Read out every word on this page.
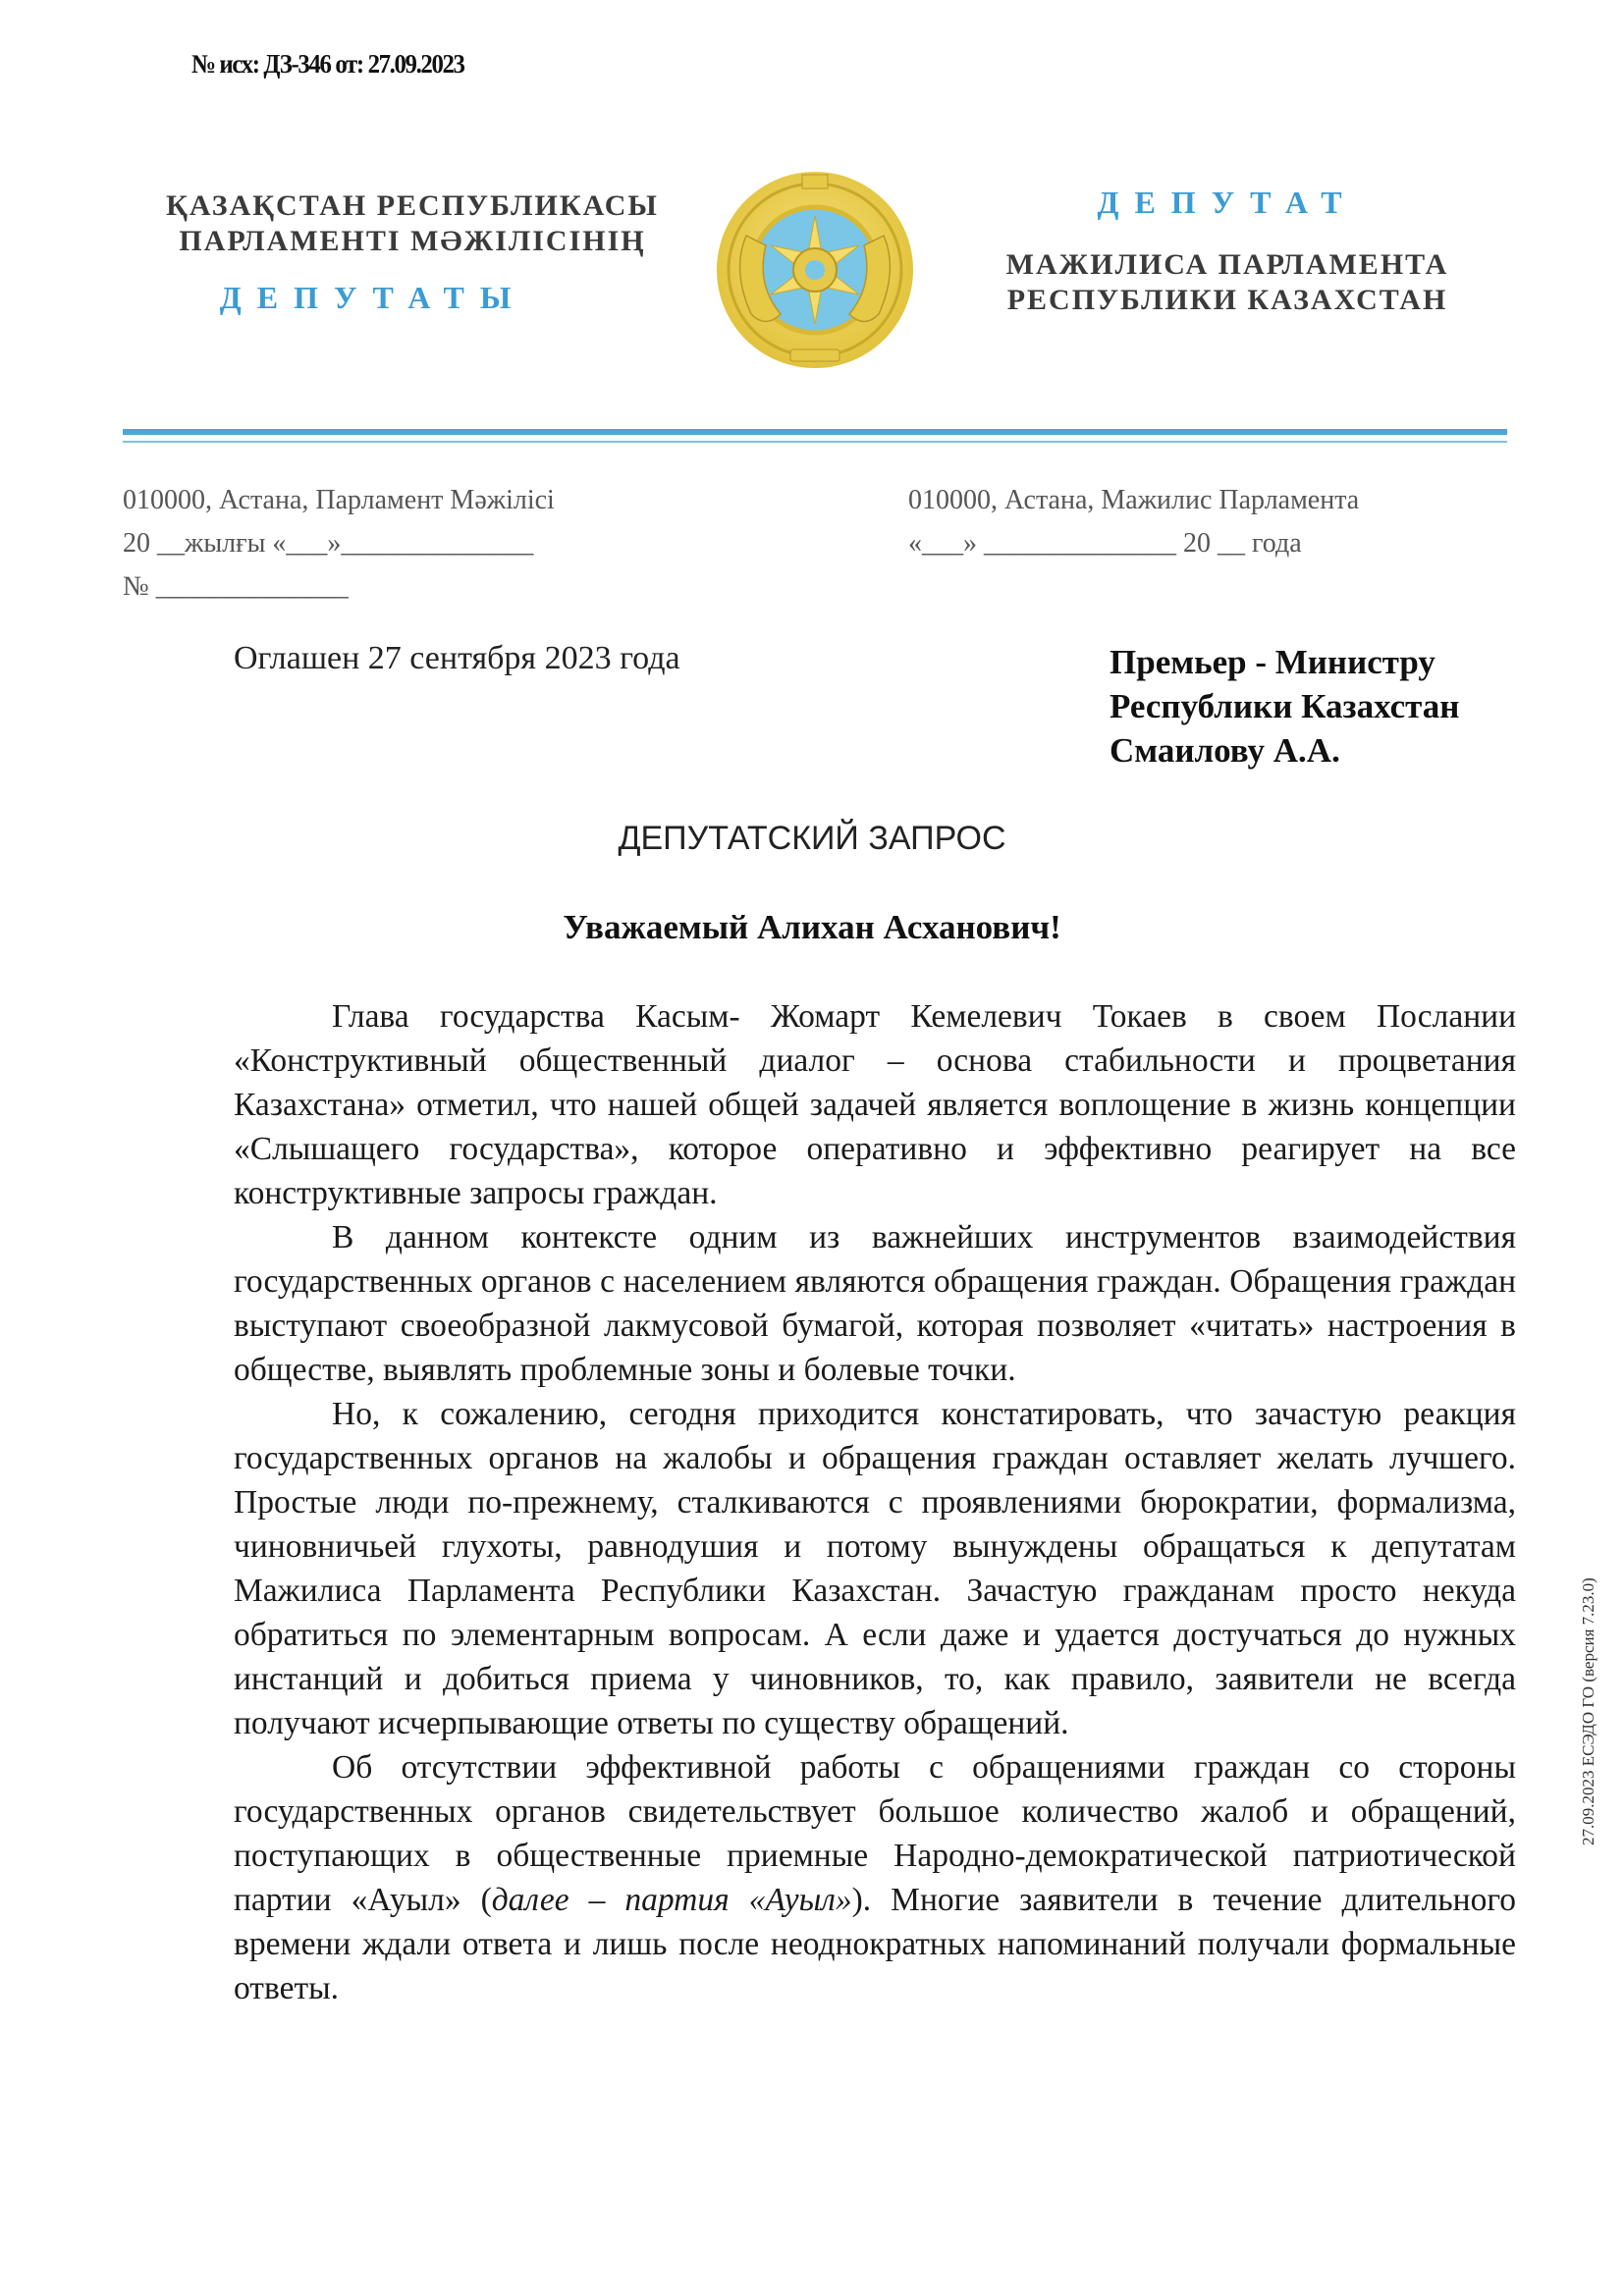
№ исх: ДЗ-346 от: 27.09.2023
ҚАЗАҚСТАН РЕСПУБЛИКАСЫ
ПАРЛАМЕНТІ МӘЖІЛІСІНІҢ
ДЕПУТАТЫ
ДЕПУТАТ
МАЖИЛИСА ПАРЛАМЕНТА
РЕСПУБЛИКИ КАЗАХСТАН
010000, Астана, Парламент Мәжілісі
20 __жылғы «___»______________
№ ______________
010000, Астана, Мажилис Парламента
«___» ______________ 20 __ года
Оглашен 27 сентября 2023 года	Премьер - Министру
Республики Казахстан
Смаилову А.А.
ДЕПУТАТСКИЙ ЗАПРОС
Уважаемый Алихан Асханович!

Глава государства Касым- Жомарт Кемелевич Токаев в своем Послании «Конструктивный общественный диалог – основа стабильности и процветания Казахстана» отметил, что нашей общей задачей является воплощение в жизнь концепции «Слышащего государства», которое оперативно и эффективно реагирует на все конструктивные запросы граждан.

В данном контексте одним из важнейших инструментов взаимодействия государственных органов с населением являются обращения граждан. Обращения граждан выступают своеобразной лакмусовой бумагой, которая позволяет «читать» настроения в обществе, выявлять проблемные зоны и болевые точки.

Но, к сожалению, сегодня приходится констатировать, что зачастую реакция государственных органов на жалобы и обращения граждан оставляет желать лучшего. Простые люди по-прежнему, сталкиваются с проявлениями бюрократии, формализма, чиновничьей глухоты, равнодушия и потому вынуждены обращаться к депутатам Мажилиса Парламента Республики Казахстан. Зачастую гражданам просто некуда обратиться по элементарным вопросам. А если даже и удается достучаться до нужных инстанций и добиться приема у чиновников, то, как правило, заявители не всегда получают исчерпывающие ответы по существу обращений.

Об отсутствии эффективной работы с обращениями граждан со стороны государственных органов свидетельствует большое количество жалоб и обращений, поступающих в общественные приемные Народно-демократической патриотической партии «Ауыл» (далее – партия «Ауыл»). Многие заявители в течение длительного времени ждали ответа и лишь после неоднократных напоминаний получали формальные ответы.

27.09.2023 ЕСЭДО ГО (версия 7.23.0)
